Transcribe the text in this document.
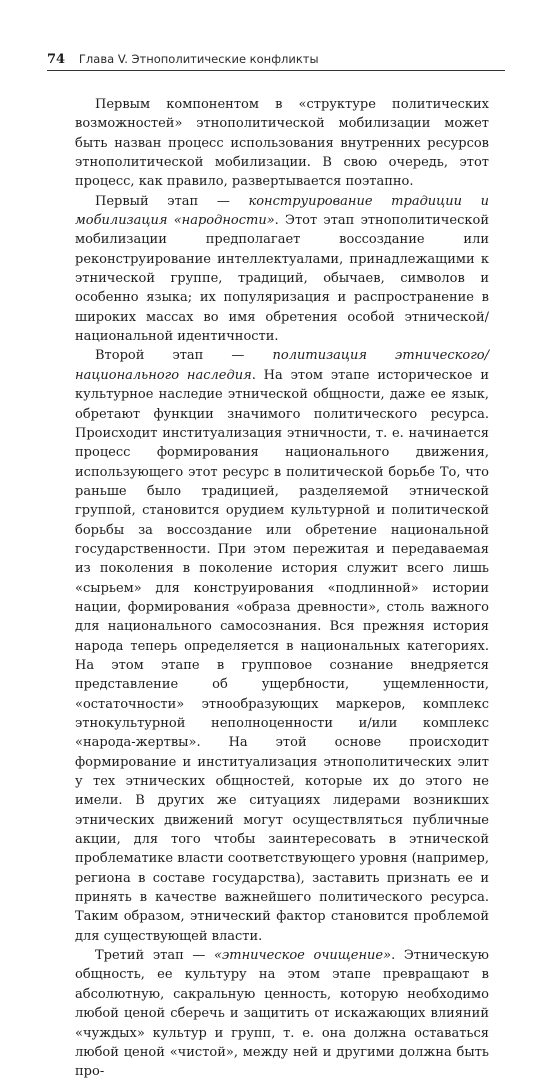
74 Глава V. Этнополитические конфликты

Первым компонентом в «структуре политических возможностей» этнополитической мобилизации может быть назван процесс использования внутренних ресурсов этнополитической мобилизации. В свою очередь, этот процесс, как правило, развертывается поэтапно.

Первый этап — конструирование традиции и мобилизация «народности». Этот этап этнополитической мобилизации предполагает воссоздание или реконструирование интеллектуалами, принадлежащими к этнической группе, традиций, обычаев, символов и особенно языка; их популяризация и распространение в широких массах во имя обретения особой этнической/национальной идентичности.

Второй этап — политизация этнического/национального наследия. На этом этапе историческое и культурное наследие этнической общности, даже ее язык, обретают функции значимого политического ресурса. Происходит институализация этничности, т. е. начинается процесс формирования национального движения, использующего этот ресурс в политической борьбе То, что раньше было традицией, разделяемой этнической группой, становится орудием культурной и политической борьбы за воссоздание или обретение национальной государственности. При этом пережитая и передаваемая из поколения в поколение история служит всего лишь «сырьем» для конструирования «подлинной» истории нации, формирования «образа древности», столь важного для национального самосознания. Вся прежняя история народа теперь определяется в национальных категориях. На этом этапе в групповое сознание внедряется представление об ущербности, ущемленности, «остаточности» этнообразующих маркеров, комплекс этнокультурной неполноценности и/или комплекс «народа-жертвы». На этой основе происходит формирование и институализация этнополитических элит у тех этнических общностей, которые их до этого не имели. В других же ситуациях лидерами возникших этнических движений могут осуществляться публичные акции, для того чтобы заинтересовать в этнической проблематике власти соответствующего уровня (например, региона в составе государства), заставить признать ее и принять в качестве важнейшего политического ресурса. Таким образом, этнический фактор становится проблемой для существующей власти.

Третий этап — «этническое очищение». Этническую общность, ее культуру на этом этапе превращают в абсолютную, сакральную ценность, которую необходимо любой ценой сберечь и защитить от искажающих влияний «чуждых» культур и групп, т. е. она должна оставаться любой ценой «чистой», между ней и другими должна быть про-
